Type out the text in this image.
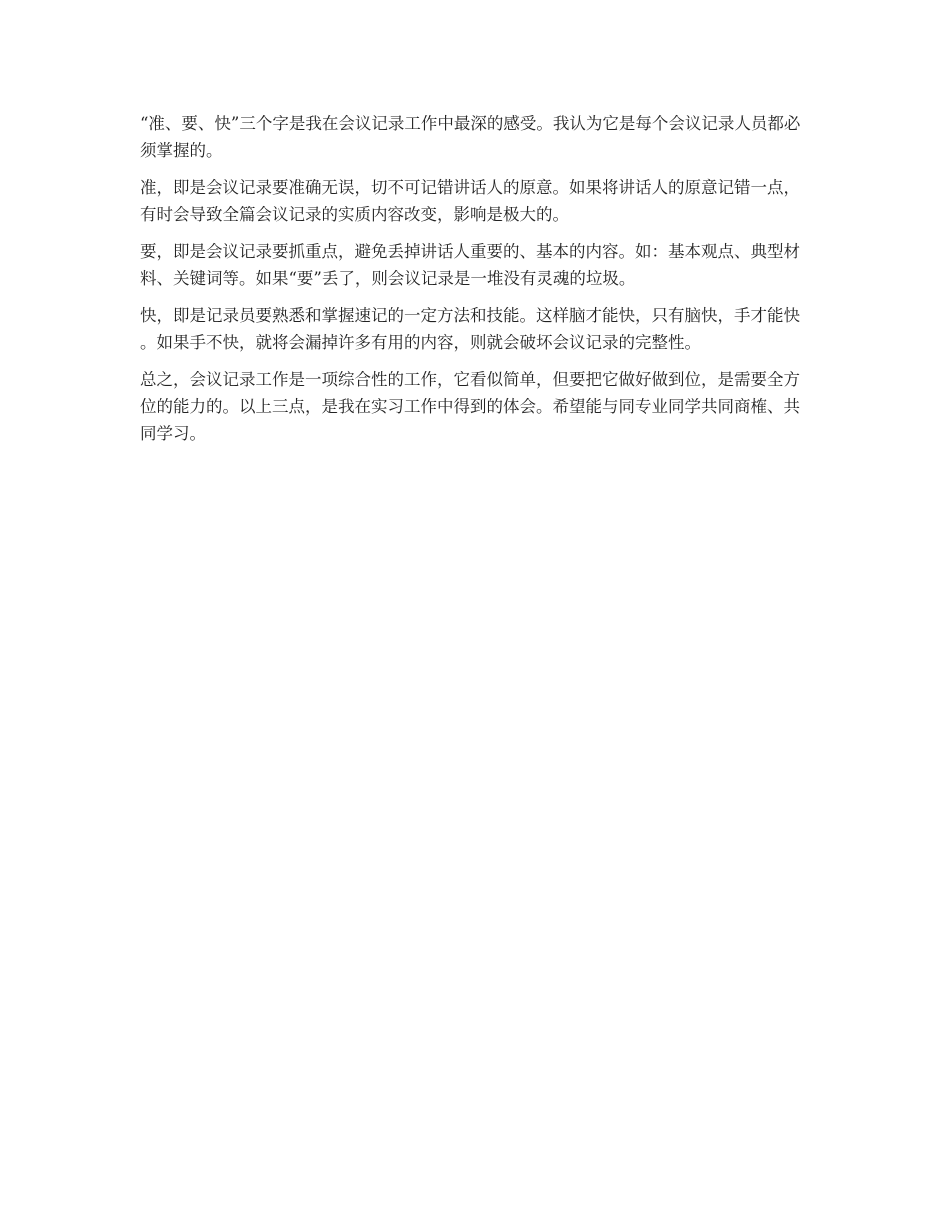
“准、要、快”三个字是我在会议记录工作中最深的感受。我认为它是每个会议记录人员都必须掌握的。

准，即是会议记录要准确无误，切不可记错讲话人的原意。如果将讲话人的原意记错一点，有时会导致全篇会议记录的实质内容改变，影响是极大的。

要，即是会议记录要抓重点，避免丢掉讲话人重要的、基本的内容。如：基本观点、典型材料、关键词等。如果“要”丢了，则会议记录是一堆没有灵魂的垃圾。

快，即是记录员要熟悉和掌握速记的一定方法和技能。这样脑才能快，只有脑快，手才能快 。如果手不快，就将会漏掉许多有用的内容，则就会破坏会议记录的完整性。

总之，会议记录工作是一项综合性的工作，它看似简单，但要把它做好做到位，是需要全方位的能力的。以上三点，是我在实习工作中得到的体会。希望能与同专业同学共同商榷、共同学习。
